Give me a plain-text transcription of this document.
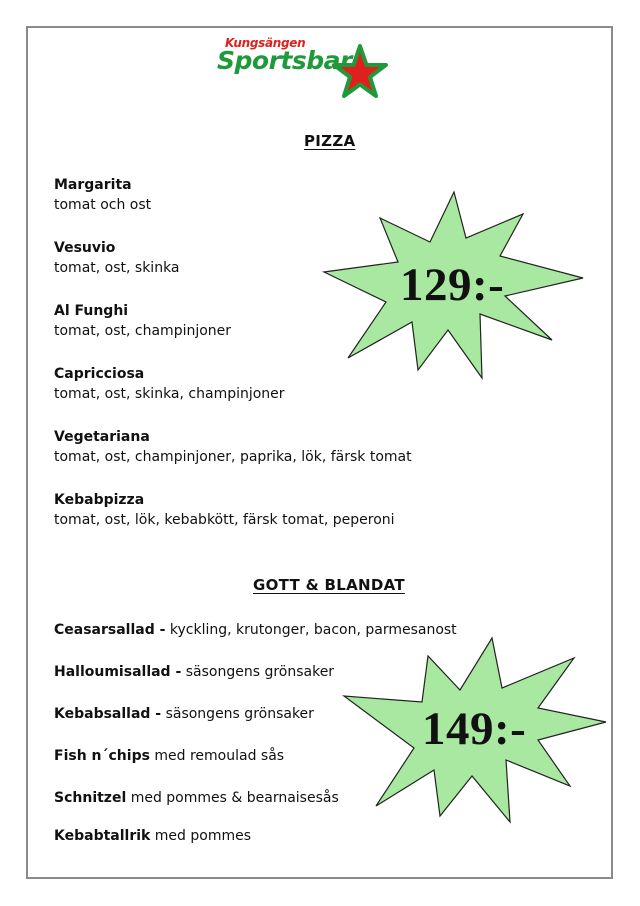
Kungsängen
Sportsbar
PIZZA
Margarita
tomat och ost
Vesuvio
tomat, ost, skinka
Al Funghi
tomat, ost, champinjoner
Capricciosa
tomat, ost, skinka, champinjoner
Vegetariana
tomat, ost, champinjoner, paprika, lök, färsk tomat
Kebabpizza
tomat, ost, lök, kebabkött, färsk tomat, peperoni
129:-
GOTT & BLANDAT
Ceasarsallad - kyckling, krutonger, bacon, parmesanost
Halloumisallad - säsongens grönsaker
Kebabsallad - säsongens grönsaker
Fish n´chips med remoulad sås
Schnitzel med pommes & bearnaisesås
Kebabtallrik med pommes
149:-
